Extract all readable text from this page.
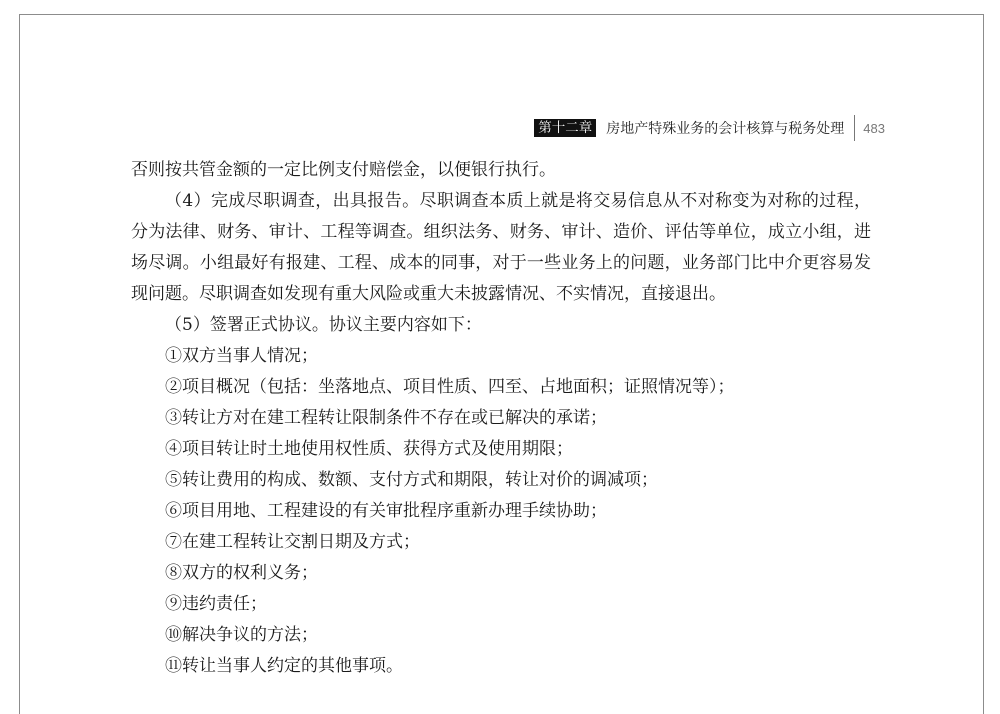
第十二章 房地产特殊业务的会计核算与税务处理 483

否则按共管金额的一定比例支付赔偿金，以便银行执行。

（4）完成尽职调查，出具报告。尽职调查本质上就是将交易信息从不对称变为对称的过程，分为法律、财务、审计、工程等调查。组织法务、财务、审计、造价、评估等单位，成立小组，进场尽调。小组最好有报建、工程、成本的同事，对于一些业务上的问题，业务部门比中介更容易发现问题。尽职调查如发现有重大风险或重大未披露情况、不实情况，直接退出。

（5）签署正式协议。协议主要内容如下：

①双方当事人情况；

②项目概况（包括：坐落地点、项目性质、四至、占地面积；证照情况等）；

③转让方对在建工程转让限制条件不存在或已解决的承诺；

④项目转让时土地使用权性质、获得方式及使用期限；

⑤转让费用的构成、数额、支付方式和期限，转让对价的调减项；

⑥项目用地、工程建设的有关审批程序重新办理手续协助；

⑦在建工程转让交割日期及方式；

⑧双方的权利义务；

⑨违约责任；

⑩解决争议的方法；

⑪转让当事人约定的其他事项。
